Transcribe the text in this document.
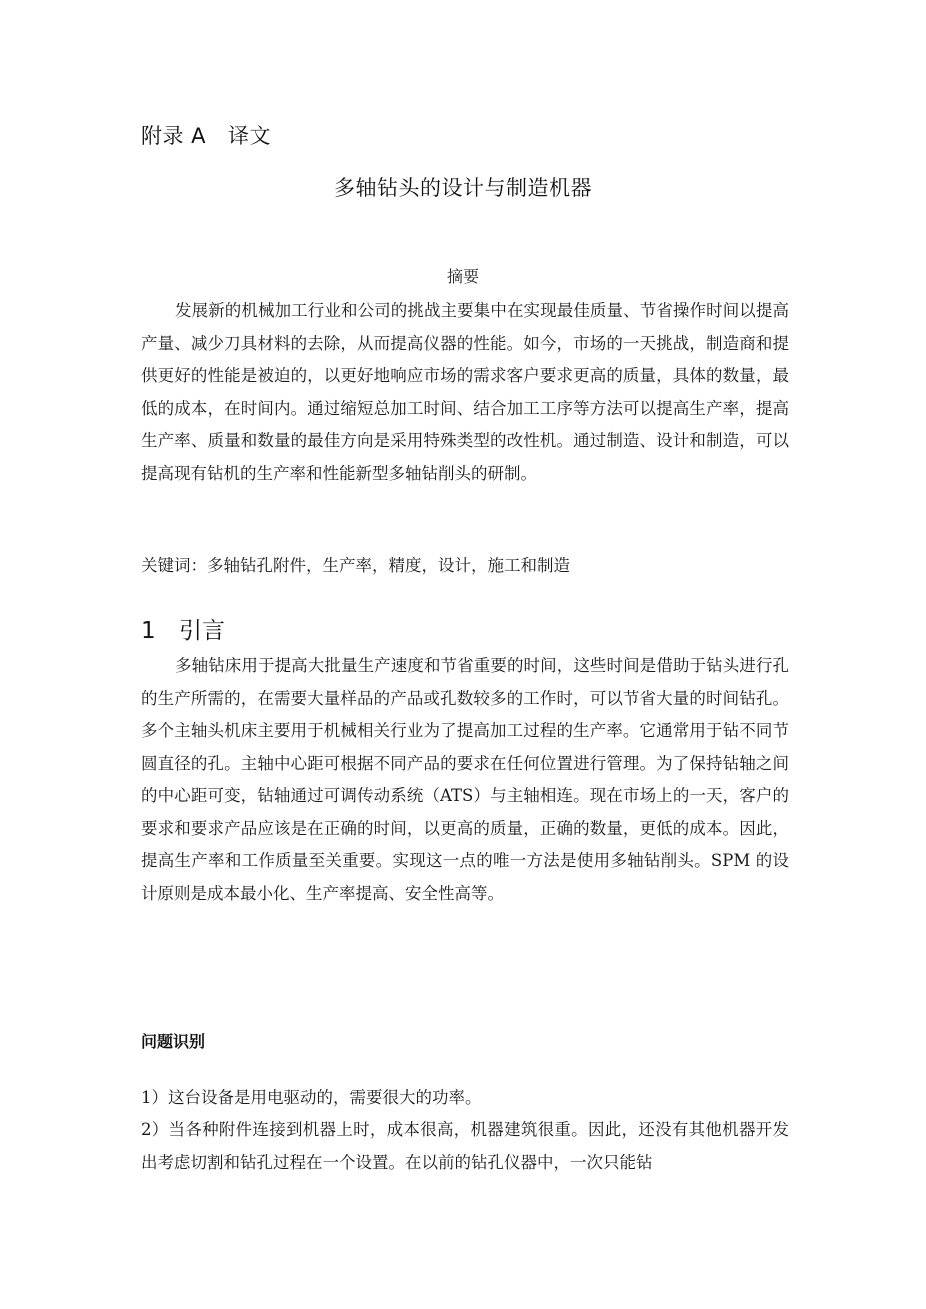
附录 A 译文
多轴钻头的设计与制造机器
摘要

发展新的机械加工行业和公司的挑战主要集中在实现最佳质量、节省操作时间以提高产量、减少刀具材料的去除，从而提高仪器的性能。如今，市场的一天挑战，制造商和提供更好的性能是被迫的，以更好地响应市场的需求客户要求更高的质量，具体的数量，最低的成本，在时间内。通过缩短总加工时间、结合加工工序等方法可以提高生产率，提高生产率、质量和数量的最佳方向是采用特殊类型的改性机。通过制造、设计和制造，可以提高现有钻机的生产率和性能新型多轴钻削头的研制。

关键词：多轴钻孔附件，生产率，精度，设计，施工和制造
1 引言

多轴钻床用于提高大批量生产速度和节省重要的时间，这些时间是借助于钻头进行孔的生产所需的，在需要大量样品的产品或孔数较多的工作时，可以节省大量的时间钻孔。多个主轴头机床主要用于机械相关行业为了提高加工过程的生产率。它通常用于钻不同节圆直径的孔。主轴中心距可根据不同产品的要求在任何位置进行管理。为了保持钻轴之间的中心距可变，钻轴通过可调传动系统（ATS）与主轴相连。现在市场上的一天，客户的要求和要求产品应该是在正确的时间，以更高的质量，正确的数量，更低的成本。因此，提高生产率和工作质量至关重要。实现这一点的唯一方法是使用多轴钻削头。SPM 的设计原则是成本最小化、生产率提高、安全性高等。

问题识别

1）这台设备是用电驱动的，需要很大的功率。

2）当各种附件连接到机器上时，成本很高，机器建筑很重。因此，还没有其他机器开发出考虑切割和钻孔过程在一个设置。在以前的钻孔仪器中，一次只能钻
